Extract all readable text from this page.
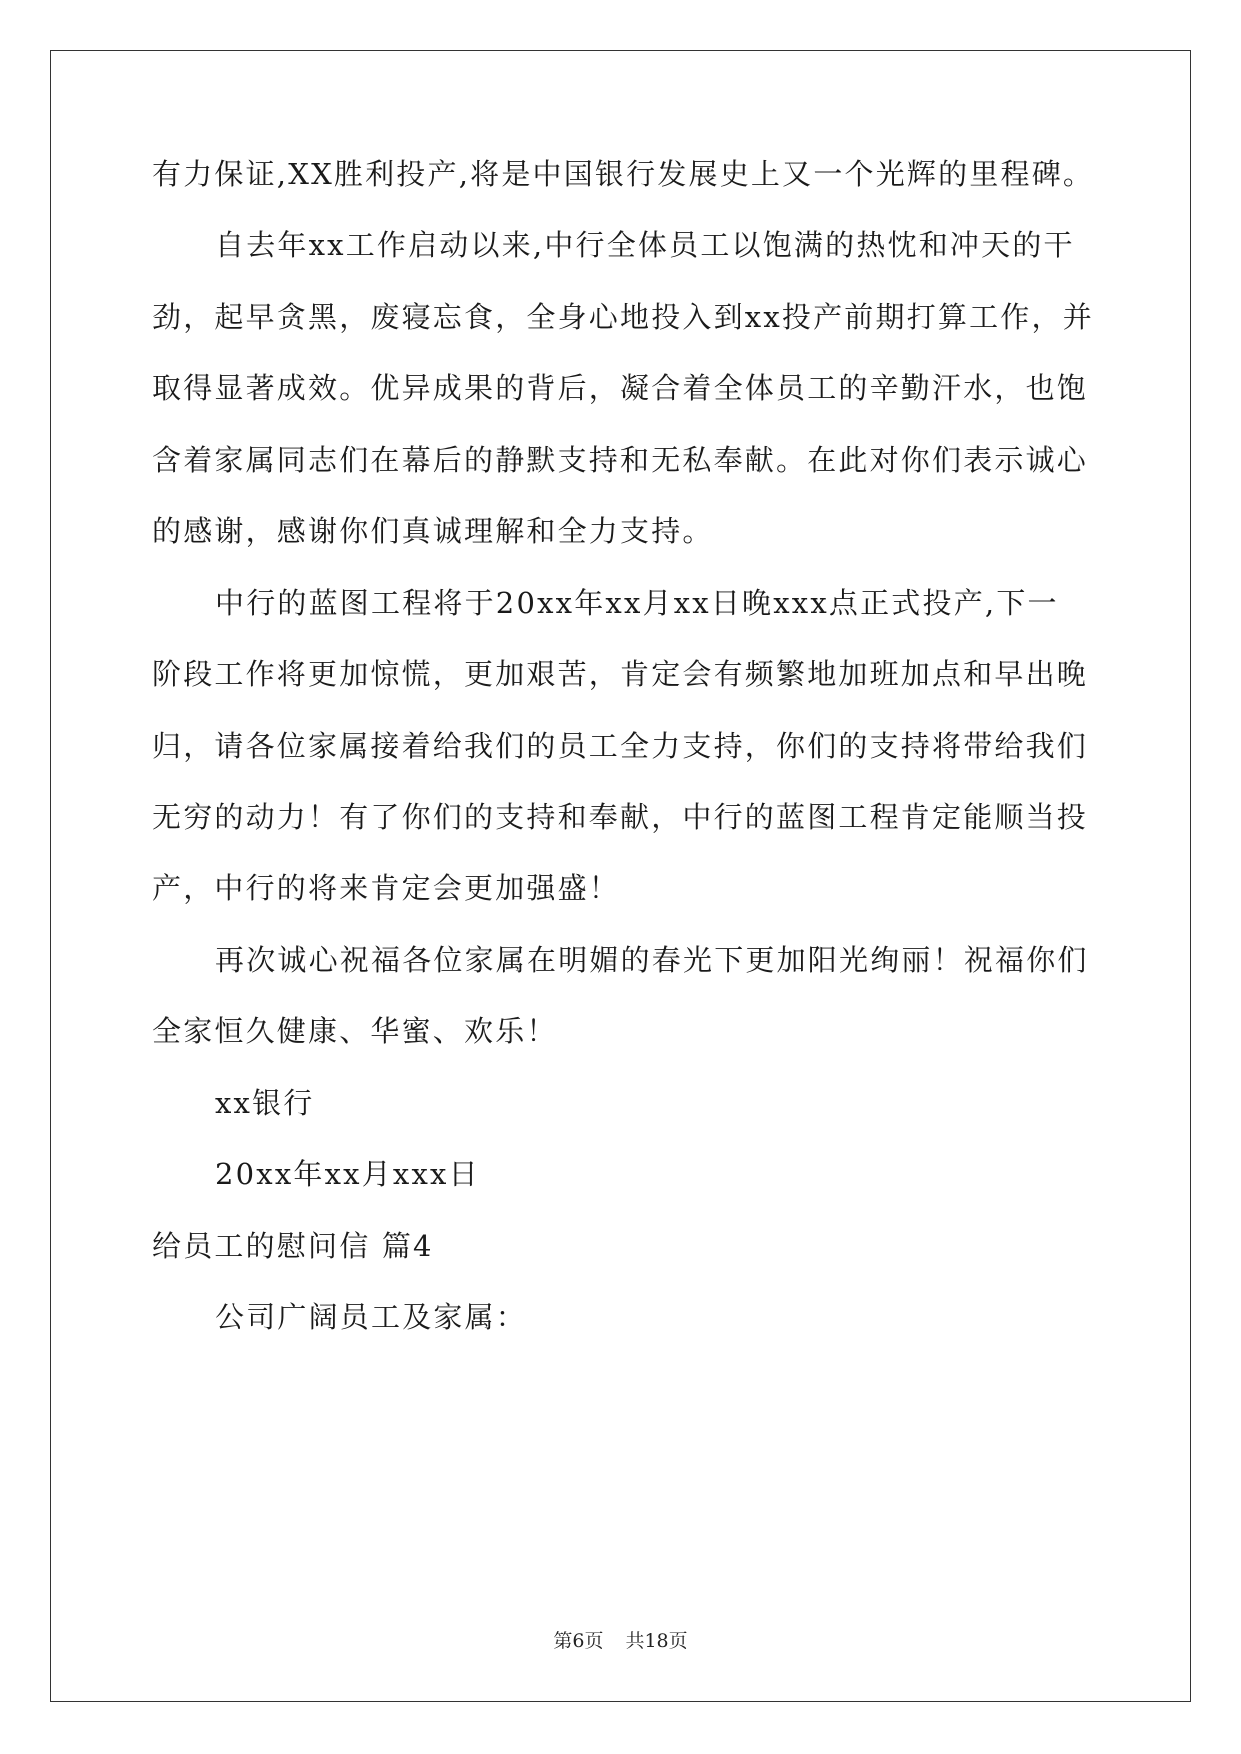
有力保证,XX胜利投产,将是中国银行发展史上又一个光辉的里程碑。
自去年xx工作启动以来,中行全体员工以饱满的热忱和冲天的干
劲，起早贪黑，废寝忘食，全身心地投入到xx投产前期打算工作，并
取得显著成效。优异成果的背后，凝合着全体员工的辛勤汗水，也饱
含着家属同志们在幕后的静默支持和无私奉献。在此对你们表示诚心
的感谢，感谢你们真诚理解和全力支持。
中行的蓝图工程将于20xx年xx月xx日晚xxx点正式投产,下一
阶段工作将更加惊慌，更加艰苦，肯定会有频繁地加班加点和早出晚
归，请各位家属接着给我们的员工全力支持，你们的支持将带给我们
无穷的动力！有了你们的支持和奉献，中行的蓝图工程肯定能顺当投
产，中行的将来肯定会更加强盛！
再次诚心祝福各位家属在明媚的春光下更加阳光绚丽！祝福你们
全家恒久健康、华蜜、欢乐！
xx银行
20xx年xx月xxx日
给员工的慰问信 篇4
公司广阔员工及家属：
第6页 共18页
